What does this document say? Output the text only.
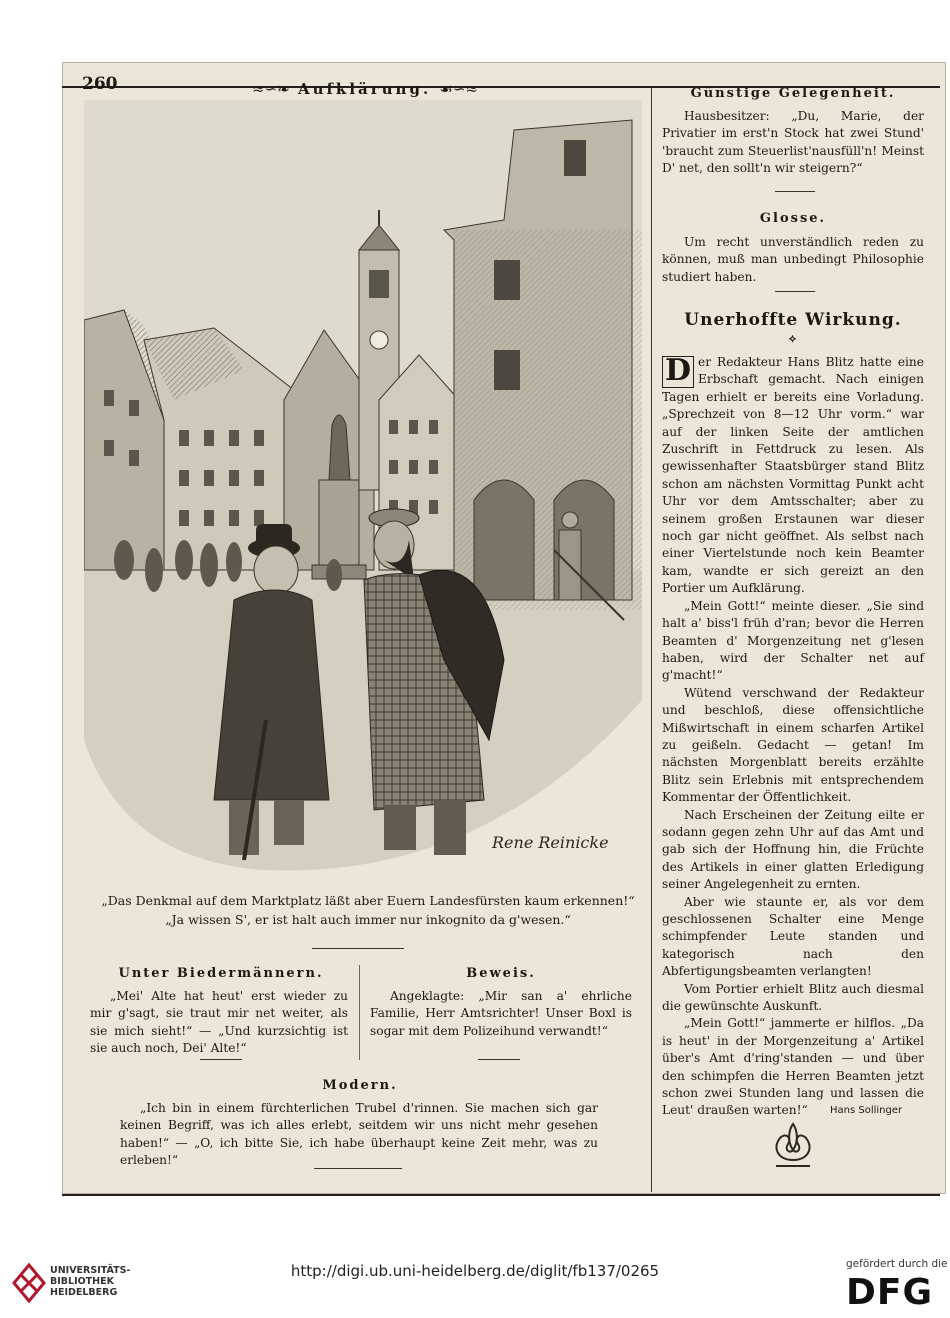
260	≈∽❧ Aufklärung. ☙∽≈
Rene Reinicke

„Das Denkmal auf dem Marktplatz läßt aber Euern Landesfürsten kaum erkennen!“

„Ja wissen S', er ist halt auch immer nur inkognito da g'wesen.“

Unter Biedermännern.

„Mei' Alte hat heut' erst wieder zu mir g'sagt, sie traut mir net weiter, als sie mich sieht!“ — „Und kurzsichtig ist sie auch noch, Dei' Alte!“

Beweis.

Angeklagte: „Mir san a' ehrliche Familie, Herr Amtsrichter! Unser Boxl is sogar mit dem Polizeihund verwandt!“

Modern.

„Ich bin in einem fürchterlichen Trubel d'rinnen. Sie machen sich gar keinen Begriff, was ich alles erlebt, seitdem wir uns nicht mehr gesehen haben!“ — „O, ich bitte Sie, ich habe überhaupt keine Zeit mehr, was zu erleben!“

Günstige Gelegenheit.

Hausbesitzer: „Du, Marie, der Privatier im erst'n Stock hat zwei Stund' 'braucht zum Steuerlist'nausfüll'n! Meinst D' net, den sollt'n wir steigern?“

Glosse.

Um recht unverständlich reden zu können, muß man unbedingt Philosophie studiert haben.

Unerhoffte Wirkung.
⟡

D er Redakteur Hans Blitz hatte eine Erbschaft gemacht. Nach einigen Tagen erhielt er bereits eine Vorladung. „Sprechzeit von 8—12 Uhr vorm.“ war auf der linken Seite der amtlichen Zuschrift in Fettdruck zu lesen. Als gewissenhafter Staatsbürger stand Blitz schon am nächsten Vormittag Punkt acht Uhr vor dem Amtsschalter; aber zu seinem großen Erstaunen war dieser noch gar nicht geöffnet. Als selbst nach einer Viertelstunde noch kein Beamter kam, wandte er sich gereizt an den Portier um Aufklärung.

„Mein Gott!“ meinte dieser. „Sie sind halt a' biss'l früh d'ran; bevor die Herren Beamten d' Morgenzeitung net g'lesen haben, wird der Schalter net auf g'macht!“

Wütend verschwand der Redakteur und beschloß, diese offensichtliche Mißwirtschaft in einem scharfen Artikel zu geißeln. Gedacht — getan! Im nächsten Morgenblatt bereits erzählte Blitz sein Erlebnis mit entsprechendem Kommentar der Öffentlichkeit.

Nach Erscheinen der Zeitung eilte er sodann gegen zehn Uhr auf das Amt und gab sich der Hoffnung hin, die Früchte des Artikels in einer glatten Erledigung seiner Angelegenheit zu ernten.

Aber wie staunte er, als vor dem geschlossenen Schalter eine Menge schimpfender Leute standen und kategorisch nach den Abfertigungsbeamten verlangten!

Vom Portier erhielt Blitz auch diesmal die gewünschte Auskunft.

„Mein Gott!“ jammerte er hilflos. „Da is heut' in der Morgenzeitung a' Artikel über's Amt d'ring'standen — und über den schimpfen die Herren Beamten jetzt schon zwei Stunden lang und lassen die Leut' draußen warten!“	Hans Sollinger
UNIVERSITÄTS-
BIBLIOTHEK
HEIDELBERG
http://digi.ub.uni-heidelberg.de/diglit/fb137/0265	gefördert durch die
DFG
